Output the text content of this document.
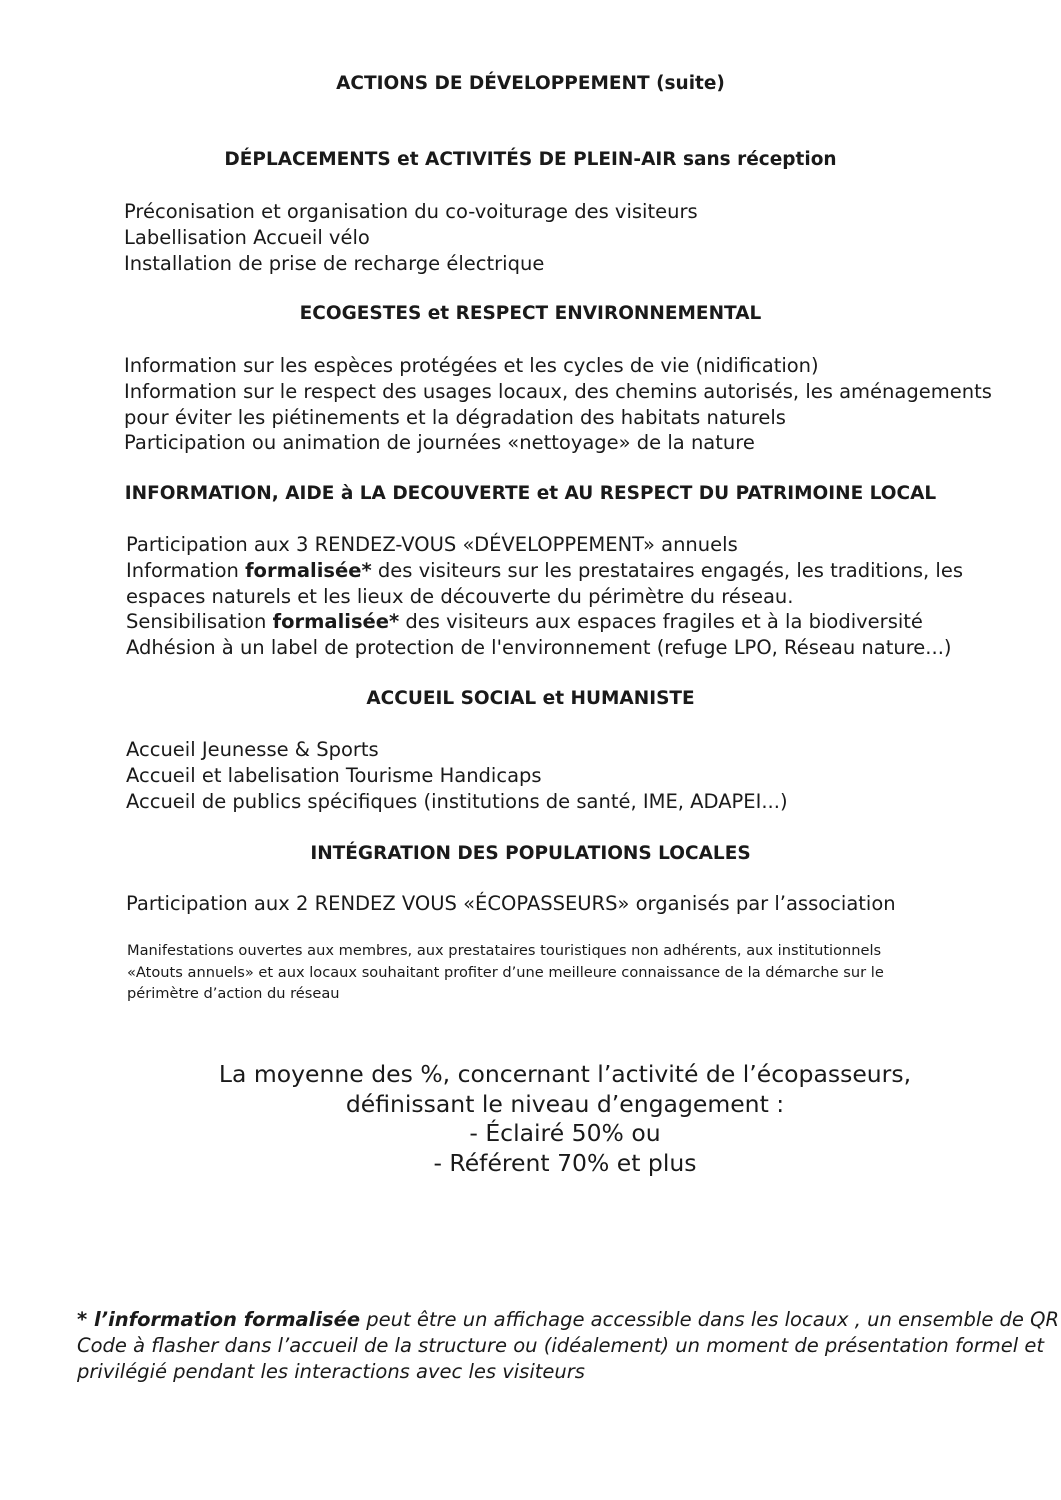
ACTIONS DE DÉVELOPPEMENT (suite)
DÉPLACEMENTS et ACTIVITÉS DE PLEIN-AIR sans réception
Préconisation et organisation du co-voiturage des visiteurs
Labellisation Accueil vélo
Installation de prise de recharge électrique
ECOGESTES et RESPECT ENVIRONNEMENTAL
Information sur les espèces protégées et les cycles de vie (nidification)
Information sur le respect des usages locaux, des chemins autorisés, les aménagements
pour éviter les piétinements et la dégradation des habitats naturels
Participation ou animation de journées «nettoyage» de la nature
INFORMATION, AIDE à LA DECOUVERTE et AU RESPECT DU PATRIMOINE LOCAL
Participation aux 3 RENDEZ-VOUS «DÉVELOPPEMENT» annuels
Information formalisée* des visiteurs sur les prestataires engagés, les traditions, les
espaces naturels et les lieux de découverte du périmètre du réseau.
Sensibilisation formalisée* des visiteurs aux espaces fragiles et à la biodiversité
Adhésion à un label de protection de l'environnement (refuge LPO, Réseau nature...)
ACCUEIL SOCIAL et HUMANISTE
Accueil Jeunesse & Sports
Accueil et labelisation Tourisme Handicaps
Accueil de publics spécifiques (institutions de santé, IME, ADAPEI...)
INTÉGRATION DES POPULATIONS LOCALES
Participation aux 2 RENDEZ VOUS «ÉCOPASSEURS» organisés par l’association
Manifestations ouvertes aux membres, aux prestataires touristiques non adhérents, aux institutionnels
«Atouts annuels» et aux locaux souhaitant profiter d’une meilleure connaissance de la démarche sur le
périmètre d’action du réseau
La moyenne des %, concernant l’activité de l’écopasseurs,
définissant le niveau d’engagement :
- Éclairé 50% ou
- Référent 70% et plus
* l’information formalisée peut être un affichage accessible dans les locaux , un ensemble de QR
Code à flasher dans l’accueil de la structure ou (idéalement) un moment de présentation formel et
privilégié pendant les interactions avec les visiteurs
